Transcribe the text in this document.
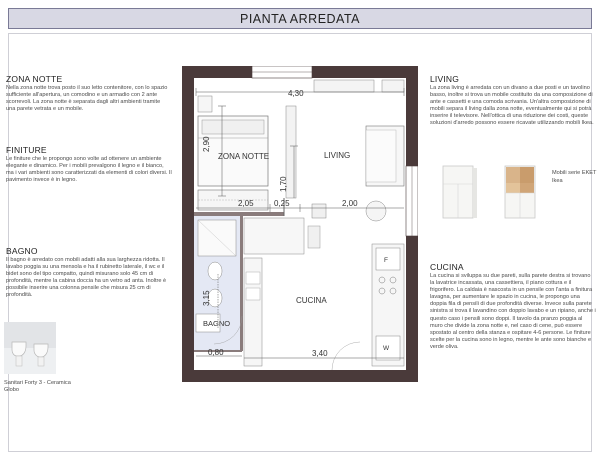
PIANTA ARREDATA
ZONA NOTTE
Nella zona notte trova posto il suo letto contenitore, con lo spazio sufficiente all'apertura, un comodino e un armadio con 2 ante scorrevoli. La zona notte è separata dagli altri ambienti tramite una parete vetrata e un mobile.
FINITURE
Le finiture che le propongo sono volte ad ottenere un ambiente elegante e dinamico. Per i mobili prevalgono il legno e il bianco, ma i vari ambienti sono caratterizzati da elementi di colori diversi. Il pavimento invece è in legno.
BAGNO
Il bagno è arredato con mobili adatti alla sua larghezza ridotta. Il lavabo poggia su una mensola e ha il rubinetto laterale, il wc e il bidet sono del tipo compatto, quindi misurano solo 45 cm di profondità, mentre la cabina doccia ha un vetro ad anta. Inoltre è possibile inserire una colonna pensile che misura 25 cm di profondità.
Sanitari Forty 3 - Ceramica Globo
LIVING
La zona living è arredata con un divano a due posti e un tavolino basso, inoltre si trova un mobile costituito da una composizione di ante e cassetti e una comoda scrivania. Un'altra composizione di mobili separa il living dalla zona notte, eventualmente qui si potrà inserire il televisore. Nell'ottica di una riduzione dei costi, queste soluzioni d'arredo possono essere ricavate utilizzando mobili Ikea.
Mobili serie EKET
Ikea
CUCINA
La cucina si sviluppa su due pareti, sulla parete destra si trovano la lavatrice incassata, una cassettiera, il piano cottura e il frigorifero. La caldaia è nascosta in un pensile con l'anta a finitura lavagna, per aumentare le spazio in cucina, le propongo una doppia fila di pensili di due profondità diverse. Invece sulla parete sinistra si trova il lavandino con doppio lavabo e un ripiano, anche i questo caso i pensili sono doppi. Il tavolo da pranzo poggia al muro che divide la zona notte e, nel caso di cene, può essere spostato al centro della stanza e ospitare 4-6 persone. Le finiture scelte per la cucina sono in legno, mentre le ante sono bianche e verde oliva.
ZONA NOTTE	LIVING
CUCINA
BAGNO
4,30
2,90
1,70
2,05	0,25	2,00
3,15
0,80	3,40
F
W
